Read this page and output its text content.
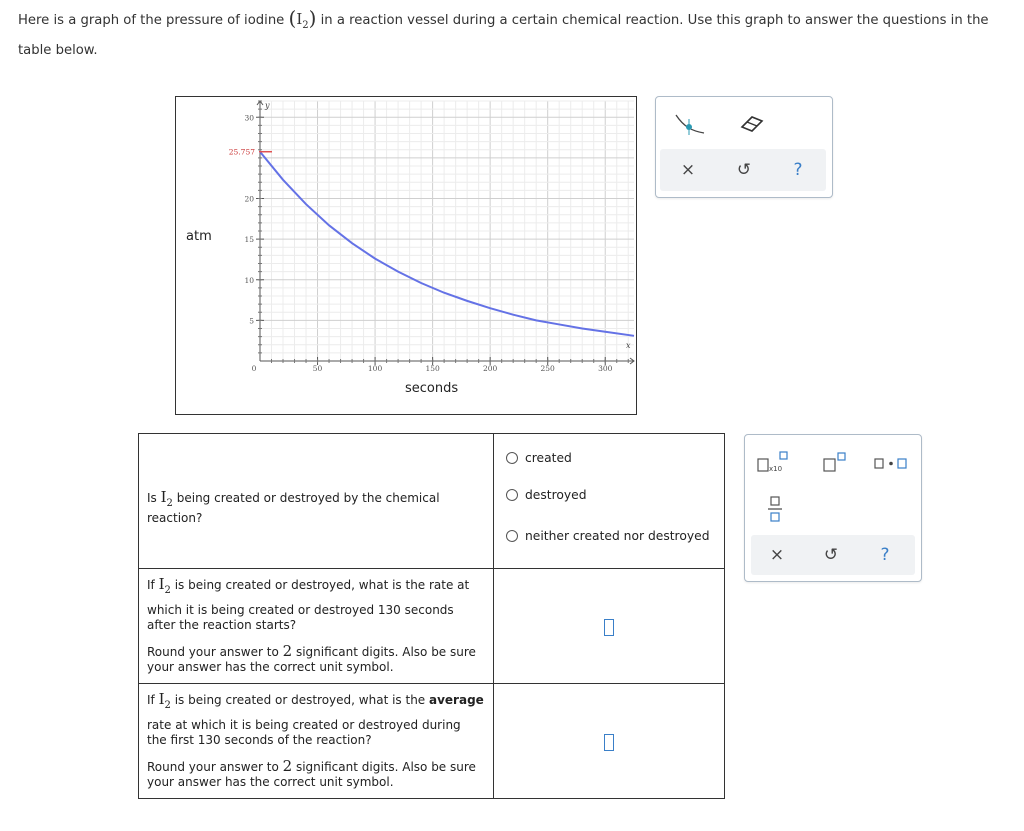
Here is a graph of the pressure of iodine $(I_2)$ in a reaction vessel during a certain chemical reaction. Use this graph to answer the questions in the table below.
x
y
0	50	100	150	200	250	300
5
10
15
20
30
25.757
atm
seconds
×	↺	?
Is $I_2$ being created or destroyed by the chemical reaction?	created
destroyed
neither created nor destroyed

If $I_2$ is being created or destroyed, what is the rate at
which it is being created or destroyed 130 seconds after the reaction starts?
Round your answer to 2 significant digits. Also be sure your answer has the correct unit symbol.	

If $I_2$ is being created or destroyed, what is the average
rate at which it is being created or destroyed during the first 130 seconds of the reaction?
Round your answer to 2 significant digits. Also be sure your answer has the correct unit symbol.	

x10
×	↺	?
